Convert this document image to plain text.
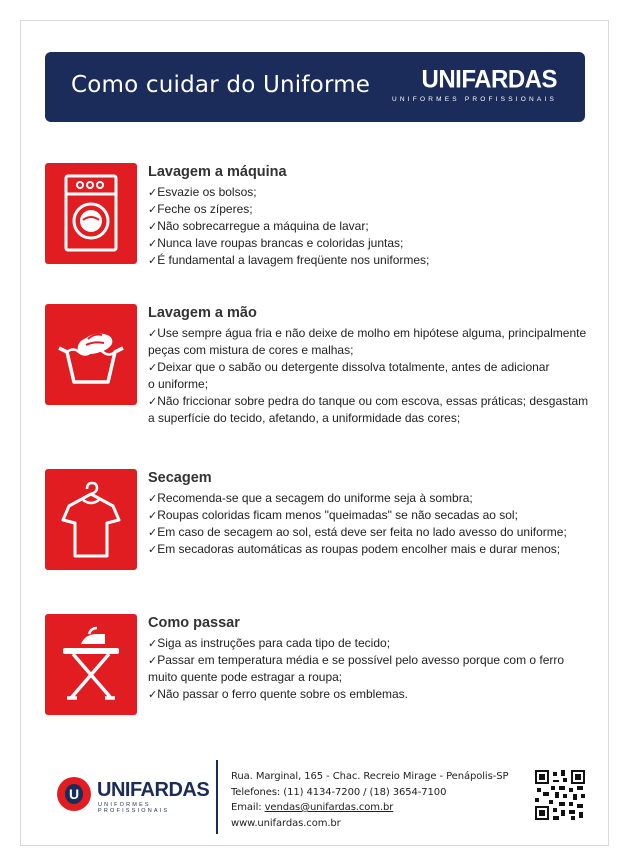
Como cuidar do Uniforme	UNIFARDAS
UNIFORMES PROFISSIONAIS
Lavagem a máquina
✓Esvazie os bolsos;
✓Feche os zíperes;
✓Não sobrecarregue a máquina de lavar;
✓Nunca lave roupas brancas e coloridas juntas;
✓É fundamental a lavagem freqüente nos uniformes;
Lavagem a mão
✓Use sempre água fria e não deixe de molho em hipótese alguma, principalmente
peças com mistura de cores e malhas;
✓Deixar que o sabão ou detergente dissolva totalmente, antes de adicionar
o uniforme;
✓Não friccionar sobre pedra do tanque ou com escova, essas práticas; desgastam
a superfície do tecido, afetando, a uniformidade das cores;
Secagem
✓Recomenda-se que a secagem do uniforme seja à sombra;
✓Roupas coloridas ficam menos "queimadas" se não secadas ao sol;
✓Em caso de secagem ao sol, está deve ser feita no lado avesso do uniforme;
✓Em secadoras automáticas as roupas podem encolher mais e durar menos;
Como passar
✓Siga as instruções para cada tipo de tecido;
✓Passar em temperatura média e se possível pelo avesso porque com o ferro
muito quente pode estragar a roupa;
✓Não passar o ferro quente sobre os emblemas.
U UNIFARDAS
UNIFORMES PROFISSIONAIS
Rua. Marginal, 165 - Chac. Recreio Mirage - Penápolis-SP
Telefones: (11) 4134-7200 / (18) 3654-7100
Email: vendas@unifardas.com.br
www.unifardas.com.br
